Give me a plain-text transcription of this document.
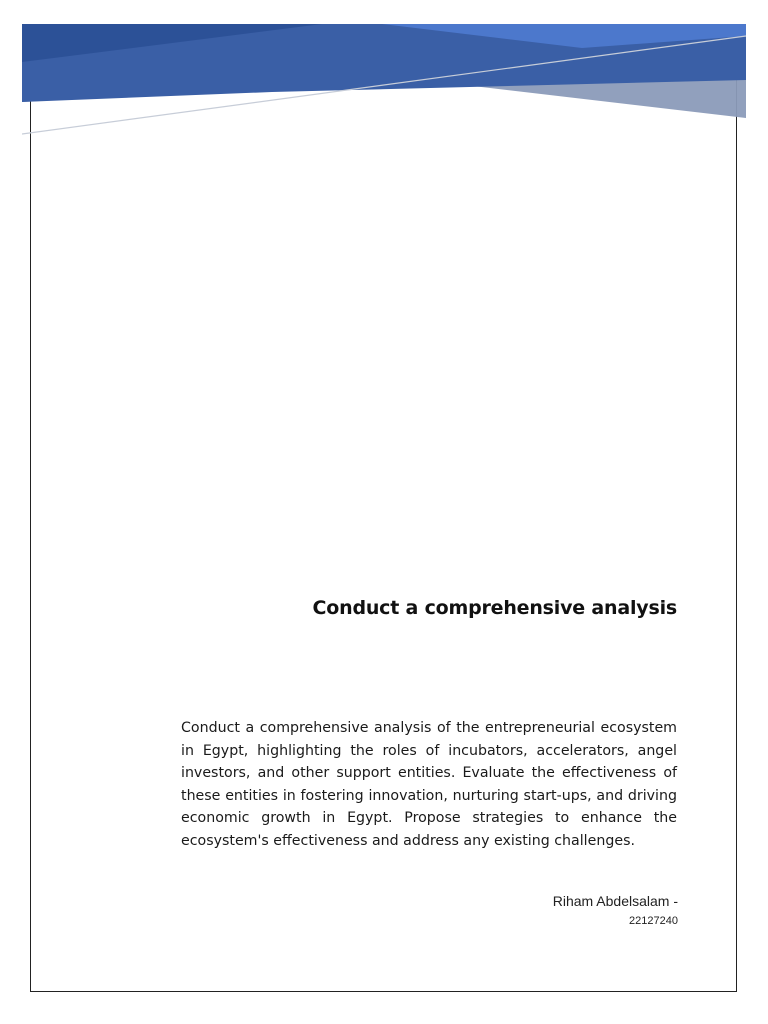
Conduct a comprehensive analysis

Conduct a comprehensive analysis of the entrepreneurial ecosystem in Egypt, highlighting the roles of incubators, accelerators, angel investors, and other support entities. Evaluate the effectiveness of these entities in fostering innovation, nurturing start-ups, and driving economic growth in Egypt. Propose strategies to enhance the ecosystem's effectiveness and address any existing challenges.

Riham Abdelsalam -
22127240
